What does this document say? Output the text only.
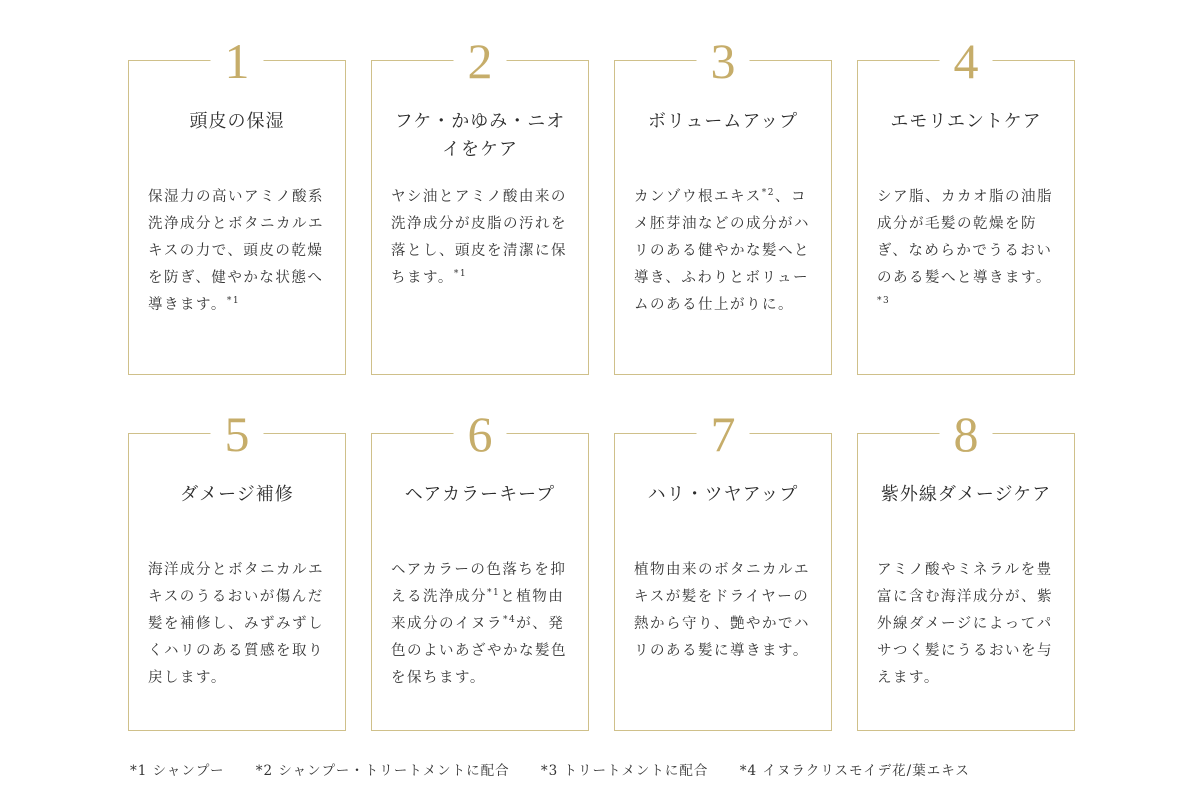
1
頭皮の保湿
保湿力の高いアミノ酸系洗浄成分とボタニカルエキスの力で、頭皮の乾燥を防ぎ、健やかな状態へ導きます。$^{*1}$
2
フケ・かゆみ・ニオイをケア
ヤシ油とアミノ酸由来の洗浄成分が皮脂の汚れを落とし、頭皮を清潔に保ちます。$^{*1}$
3
ボリュームアップ
カンゾウ根エキス$^{*2}$、コメ胚芽油などの成分がハリのある健やかな髪へと導き、ふわりとボリュームのある仕上がりに。
4
エモリエントケア
シア脂、カカオ脂の油脂成分が毛髪の乾燥を防ぎ、なめらかでうるおいのある髪へと導きます。$^{*3}$
5
ダメージ補修
海洋成分とボタニカルエキスのうるおいが傷んだ髪を補修し、みずみずしくハリのある質感を取り戻します。
6
ヘアカラーキープ
ヘアカラーの色落ちを抑える洗浄成分$^{*1}$と植物由来成分のイヌラ$^{*4}$が、発色のよいあざやかな髪色を保ちます。
7
ハリ・ツヤアップ
植物由来のボタニカルエキスが髪をドライヤーの熱から守り、艶やかでハリのある髪に導きます。
8
紫外線ダメージケア
アミノ酸やミネラルを豊富に含む海洋成分が、紫外線ダメージによってパサつく髪にうるおいを与えます。
*1 シャンプー *2 シャンプー・トリートメントに配合 *3 トリートメントに配合 *4 イヌラクリスモイデ花/葉エキス
